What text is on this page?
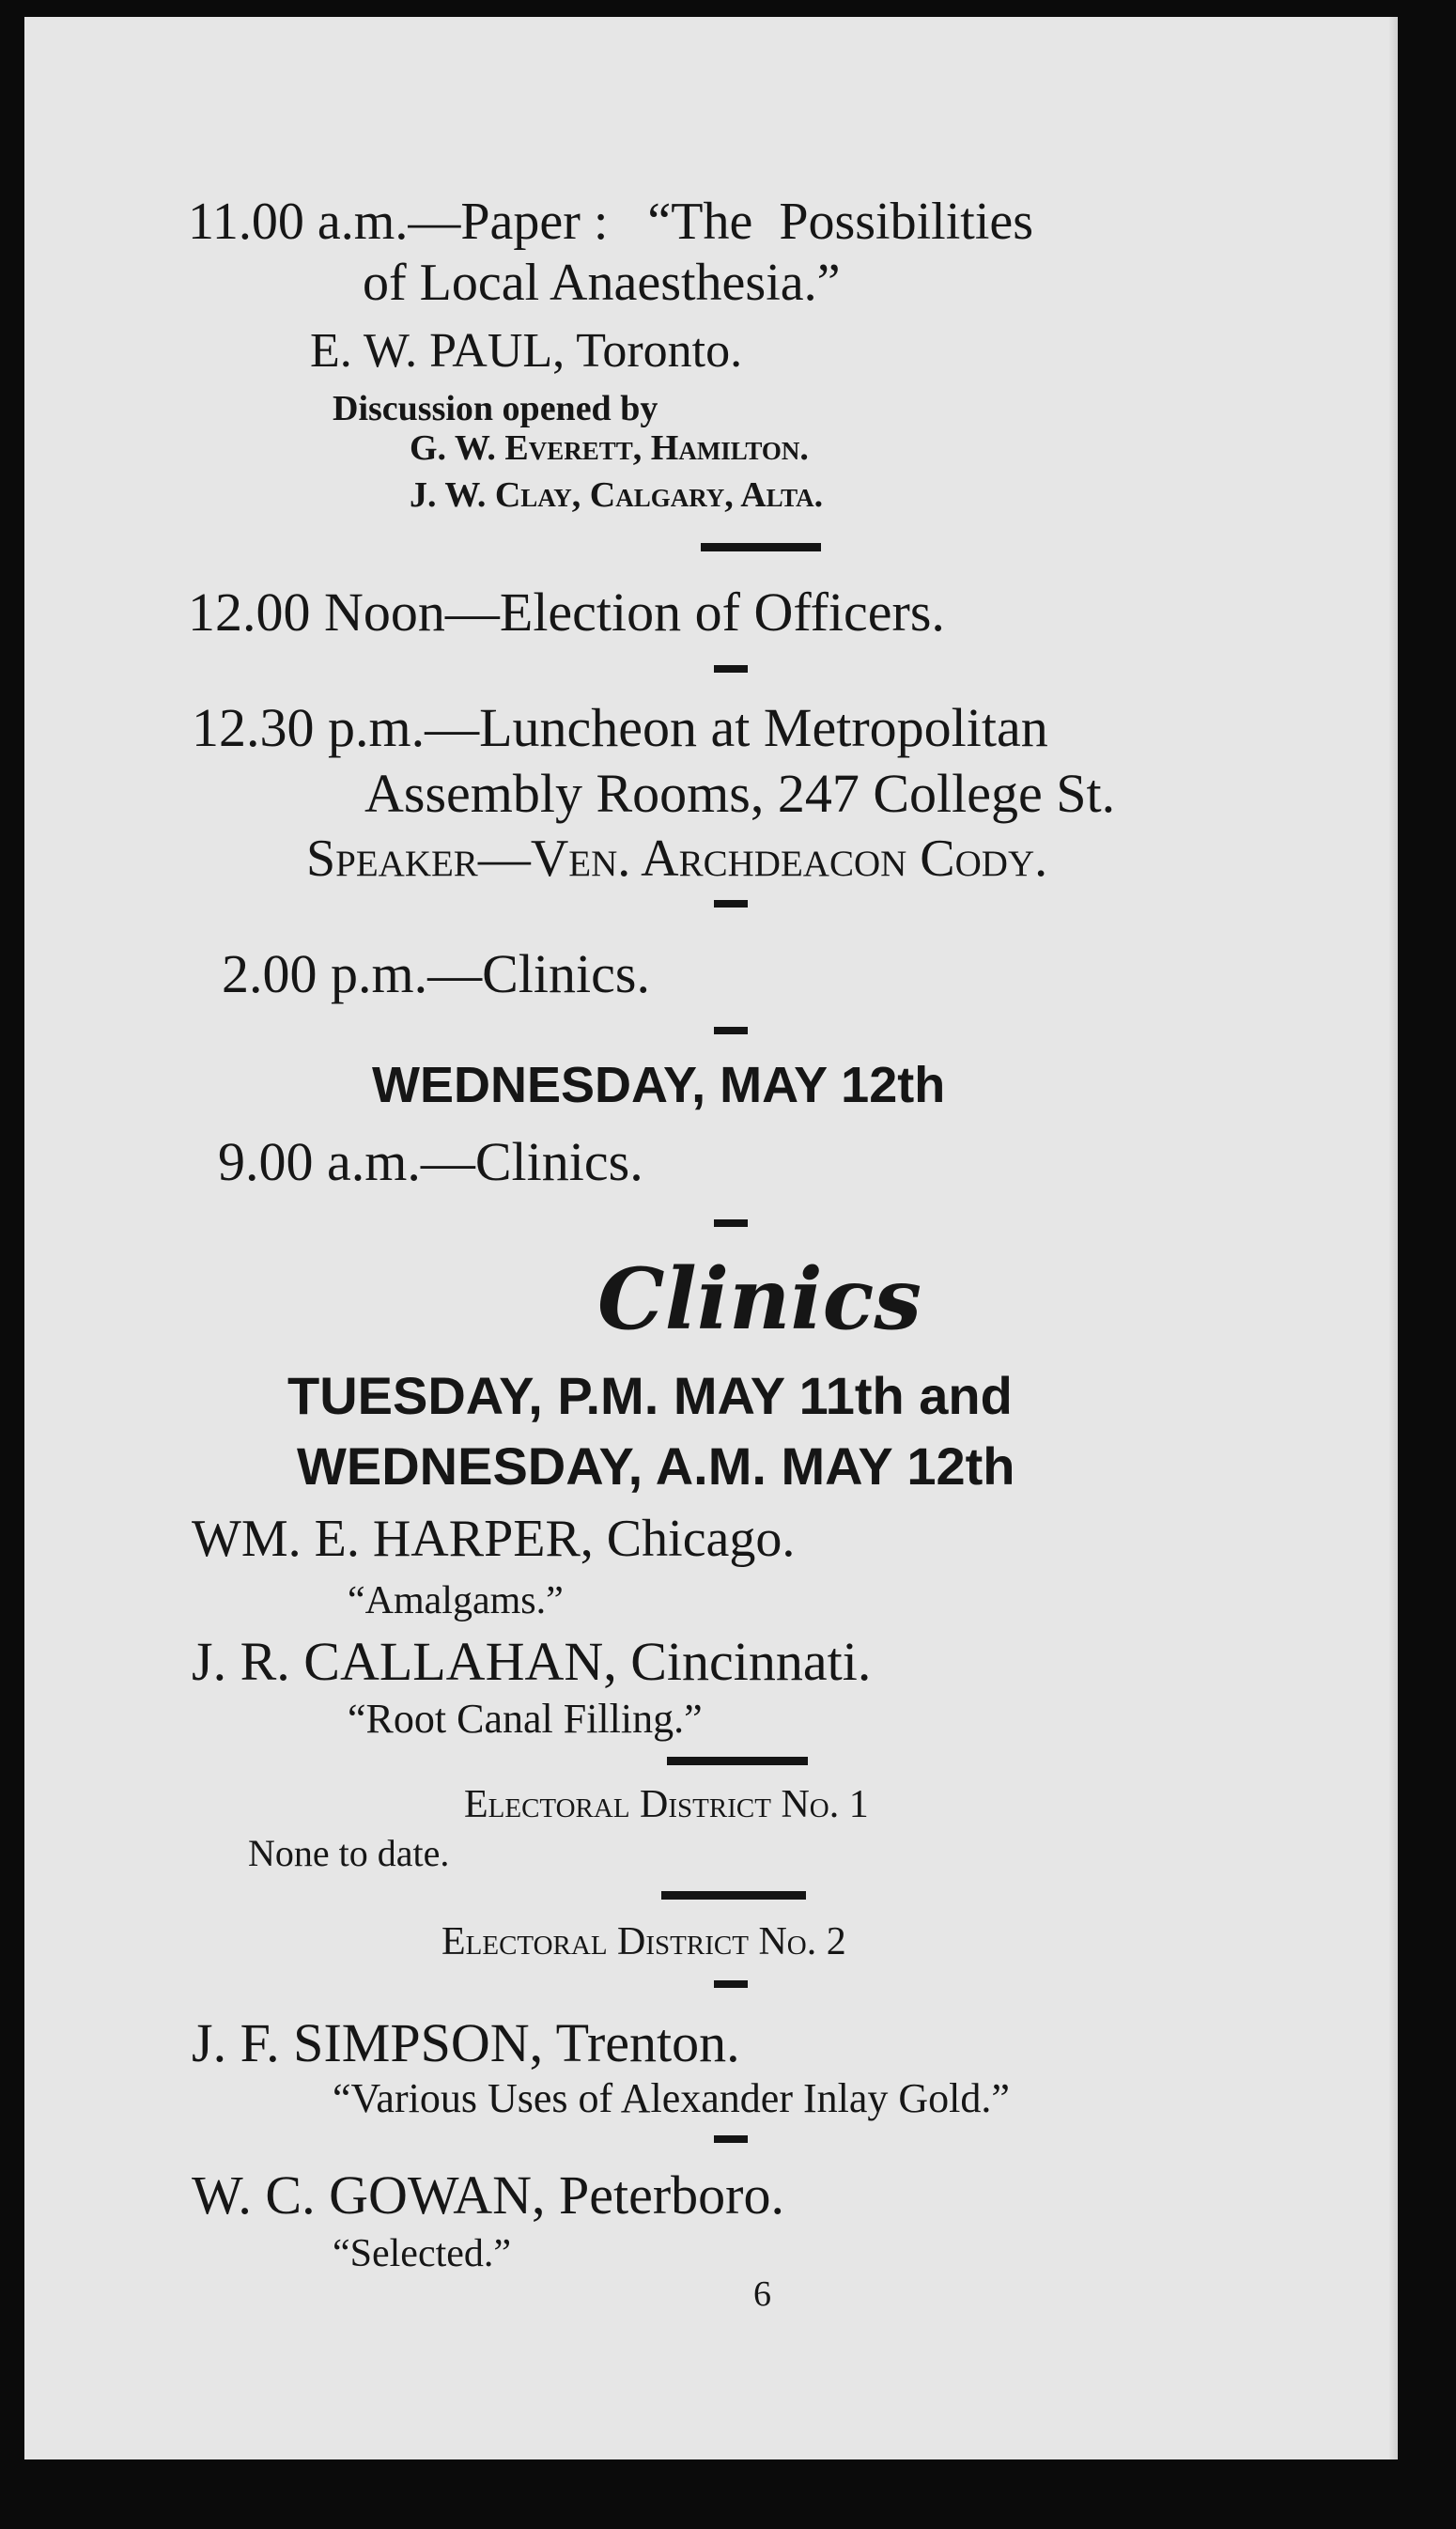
11.00 a.m.—Paper :   “The  Possibilities
of Local Anaesthesia.”
E. W. PAUL, Toronto.
Discussion opened by
G. W. Everett, Hamilton.
J. W. Clay, Calgary, Alta.
12.00 Noon—Election of Officers.
12.30 p.m.—Luncheon at Metropolitan
Assembly Rooms, 247 College St.
Speaker—Ven. Archdeacon Cody.
2.00 p.m.—Clinics.
WEDNESDAY, MAY 12th
9.00 a.m.—Clinics.
Clinics
TUESDAY, P.M. MAY 11th and
WEDNESDAY, A.M. MAY 12th
WM. E. HARPER, Chicago.
“Amalgams.”
J. R. CALLAHAN, Cincinnati.
“Root Canal Filling.”
Electoral District No. 1
None to date.
Electoral District No. 2
J. F. SIMPSON, Trenton.
“Various Uses of Alexander Inlay Gold.”
W. C. GOWAN, Peterboro.
“Selected.”
6
